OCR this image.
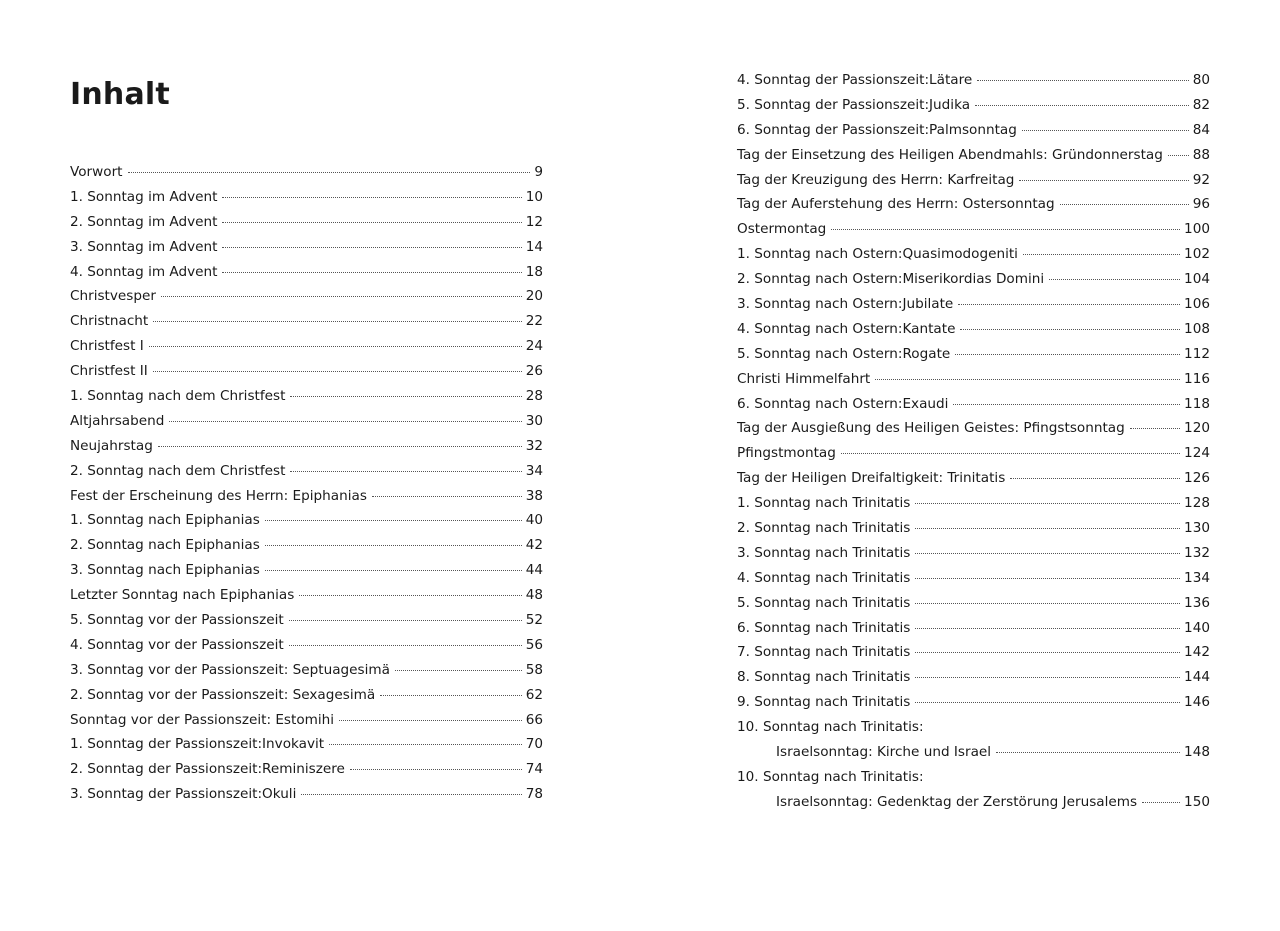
Inhalt
Vorwort	9
1. Sonntag im Advent	10
2. Sonntag im Advent	12
3. Sonntag im Advent	14
4. Sonntag im Advent	18
Christvesper	20
Christnacht	22
Christfest I	24
Christfest II	26
1. Sonntag nach dem Christfest	28
Altjahrsabend	30
Neujahrstag	32
2. Sonntag nach dem Christfest	34
Fest der Erscheinung des Herrn: Epiphanias	38
1. Sonntag nach Epiphanias	40
2. Sonntag nach Epiphanias	42
3. Sonntag nach Epiphanias	44
Letzter Sonntag nach Epiphanias	48
5. Sonntag vor der Passionszeit	52
4. Sonntag vor der Passionszeit	56
3. Sonntag vor der Passionszeit: Septuagesimä	58
2. Sonntag vor der Passionszeit: Sexagesimä	62
Sonntag vor der Passionszeit: Estomihi	66
1. Sonntag der Passionszeit:Invokavit	70
2. Sonntag der Passionszeit:Reminiszere	74
3. Sonntag der Passionszeit:Okuli	78
4. Sonntag der Passionszeit:Lätare	80
5. Sonntag der Passionszeit:Judika	82
6. Sonntag der Passionszeit:Palmsonntag	84
Tag der Einsetzung des Heiligen Abendmahls: Gründonnerstag 88
Tag der Kreuzigung des Herrn: Karfreitag	92
Tag der Auferstehung des Herrn: Ostersonntag	96
Ostermontag	100
1. Sonntag nach Ostern:Quasimodogeniti	102
2. Sonntag nach Ostern:Miserikordias Domini	104
3. Sonntag nach Ostern:Jubilate	106
4. Sonntag nach Ostern:Kantate	108
5. Sonntag nach Ostern:Rogate	112
Christi Himmelfahrt	116
6. Sonntag nach Ostern:Exaudi	118
Tag der Ausgießung des Heiligen Geistes: Pfingstsonntag	120
Pfingstmontag	124
Tag der Heiligen Dreifaltigkeit: Trinitatis	126
1. Sonntag nach Trinitatis	128
2. Sonntag nach Trinitatis	130
3. Sonntag nach Trinitatis	132
4. Sonntag nach Trinitatis	134
5. Sonntag nach Trinitatis	136
6. Sonntag nach Trinitatis	140
7. Sonntag nach Trinitatis	142
8. Sonntag nach Trinitatis	144
9. Sonntag nach Trinitatis	146
10. Sonntag nach Trinitatis:
Israelsonntag: Kirche und Israel	148
10. Sonntag nach Trinitatis:
Israelsonntag: Gedenktag der Zerstörung Jerusalems	150
